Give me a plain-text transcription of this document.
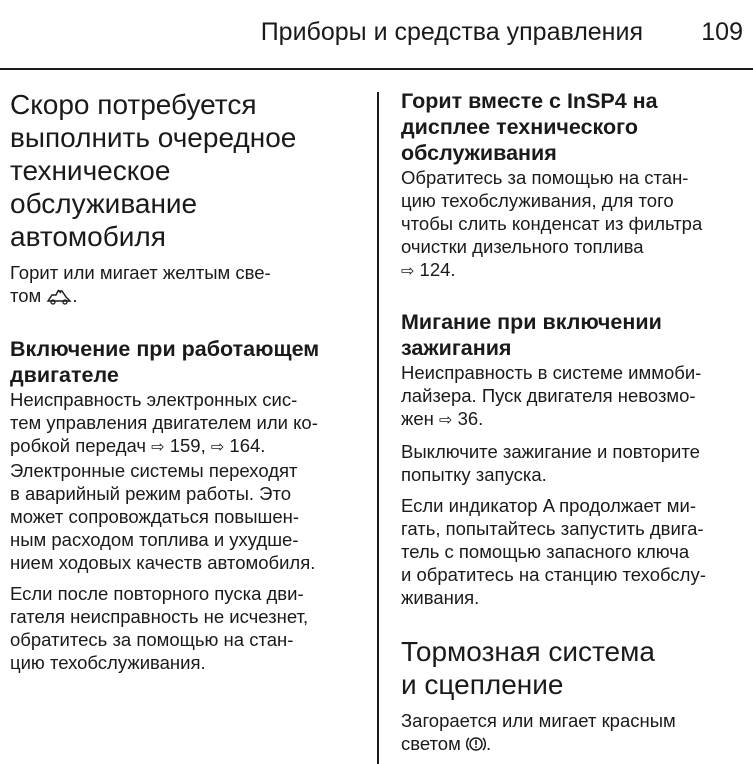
Приборы и средства управления 109
Скоро потребуется
выполнить очередное
техническое
обслуживание
автомобиля
Горит или мигает желтым све-
том .
Включение при работающем
двигателе
Неисправность электронных сис-
тем управления двигателем или ко-
робкой передач ⇨ 159, ⇨ 164.
Электронные системы переходят
в аварийный режим работы. Это
может сопровождаться повышен-
ным расходом топлива и ухудше-
нием ходовых качеств автомобиля.
Если после повторного пуска дви-
гателя неисправность не исчезнет,
обратитесь за помощью на стан-
цию техобслуживания.
Горит вместе с InSP4 на
дисплее технического
обслуживания
Обратитесь за помощью на стан-
цию техобслуживания, для того
чтобы слить конденсат из фильтра
очистки дизельного топлива
⇨ 124.
Мигание при включении
зажигания
Неисправность в системе иммоби-
лайзера. Пуск двигателя невозмо-
жен ⇨ 36.
Выключите зажигание и повторите
попытку запуска.
Если индикатор A продолжает ми-
гать, попытайтесь запустить двига-
тель с помощью запасного ключа
и обратитесь на станцию техобслу-
живания.
Тормозная система
и сцепление
Загорается или мигает красным
светом .
